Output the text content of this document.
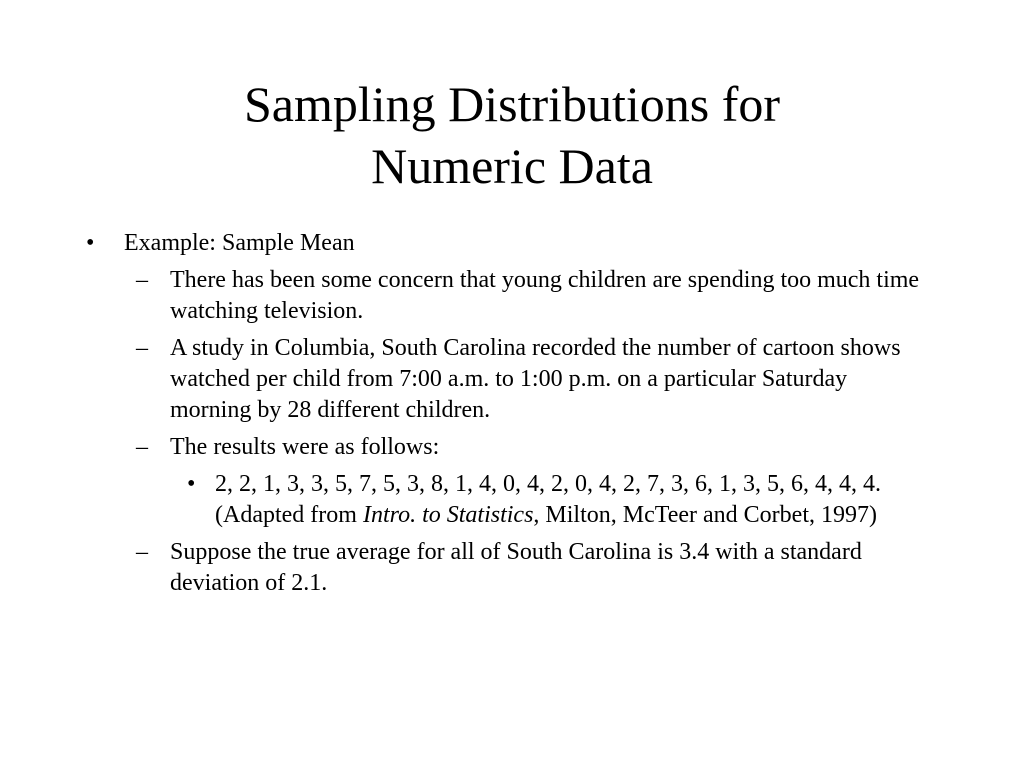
Sampling Distributions for
Numeric Data
• Example: Sample Mean
– There has been some concern that young children are spending too much time watching television.
– A study in Columbia, South Carolina recorded the number of cartoon shows watched per child from 7:00 a.m. to 1:00 p.m. on a particular Saturday morning by 28 different children.
– The results were as follows:
• 2, 2, 1, 3, 3, 5, 7, 5, 3, 8, 1, 4, 0, 4, 2, 0, 4, 2, 7, 3, 6, 1, 3, 5, 6, 4, 4, 4. (Adapted from Intro. to Statistics, Milton, McTeer and Corbet, 1997)
– Suppose the true average for all of South Carolina is 3.4 with a standard deviation of 2.1.
